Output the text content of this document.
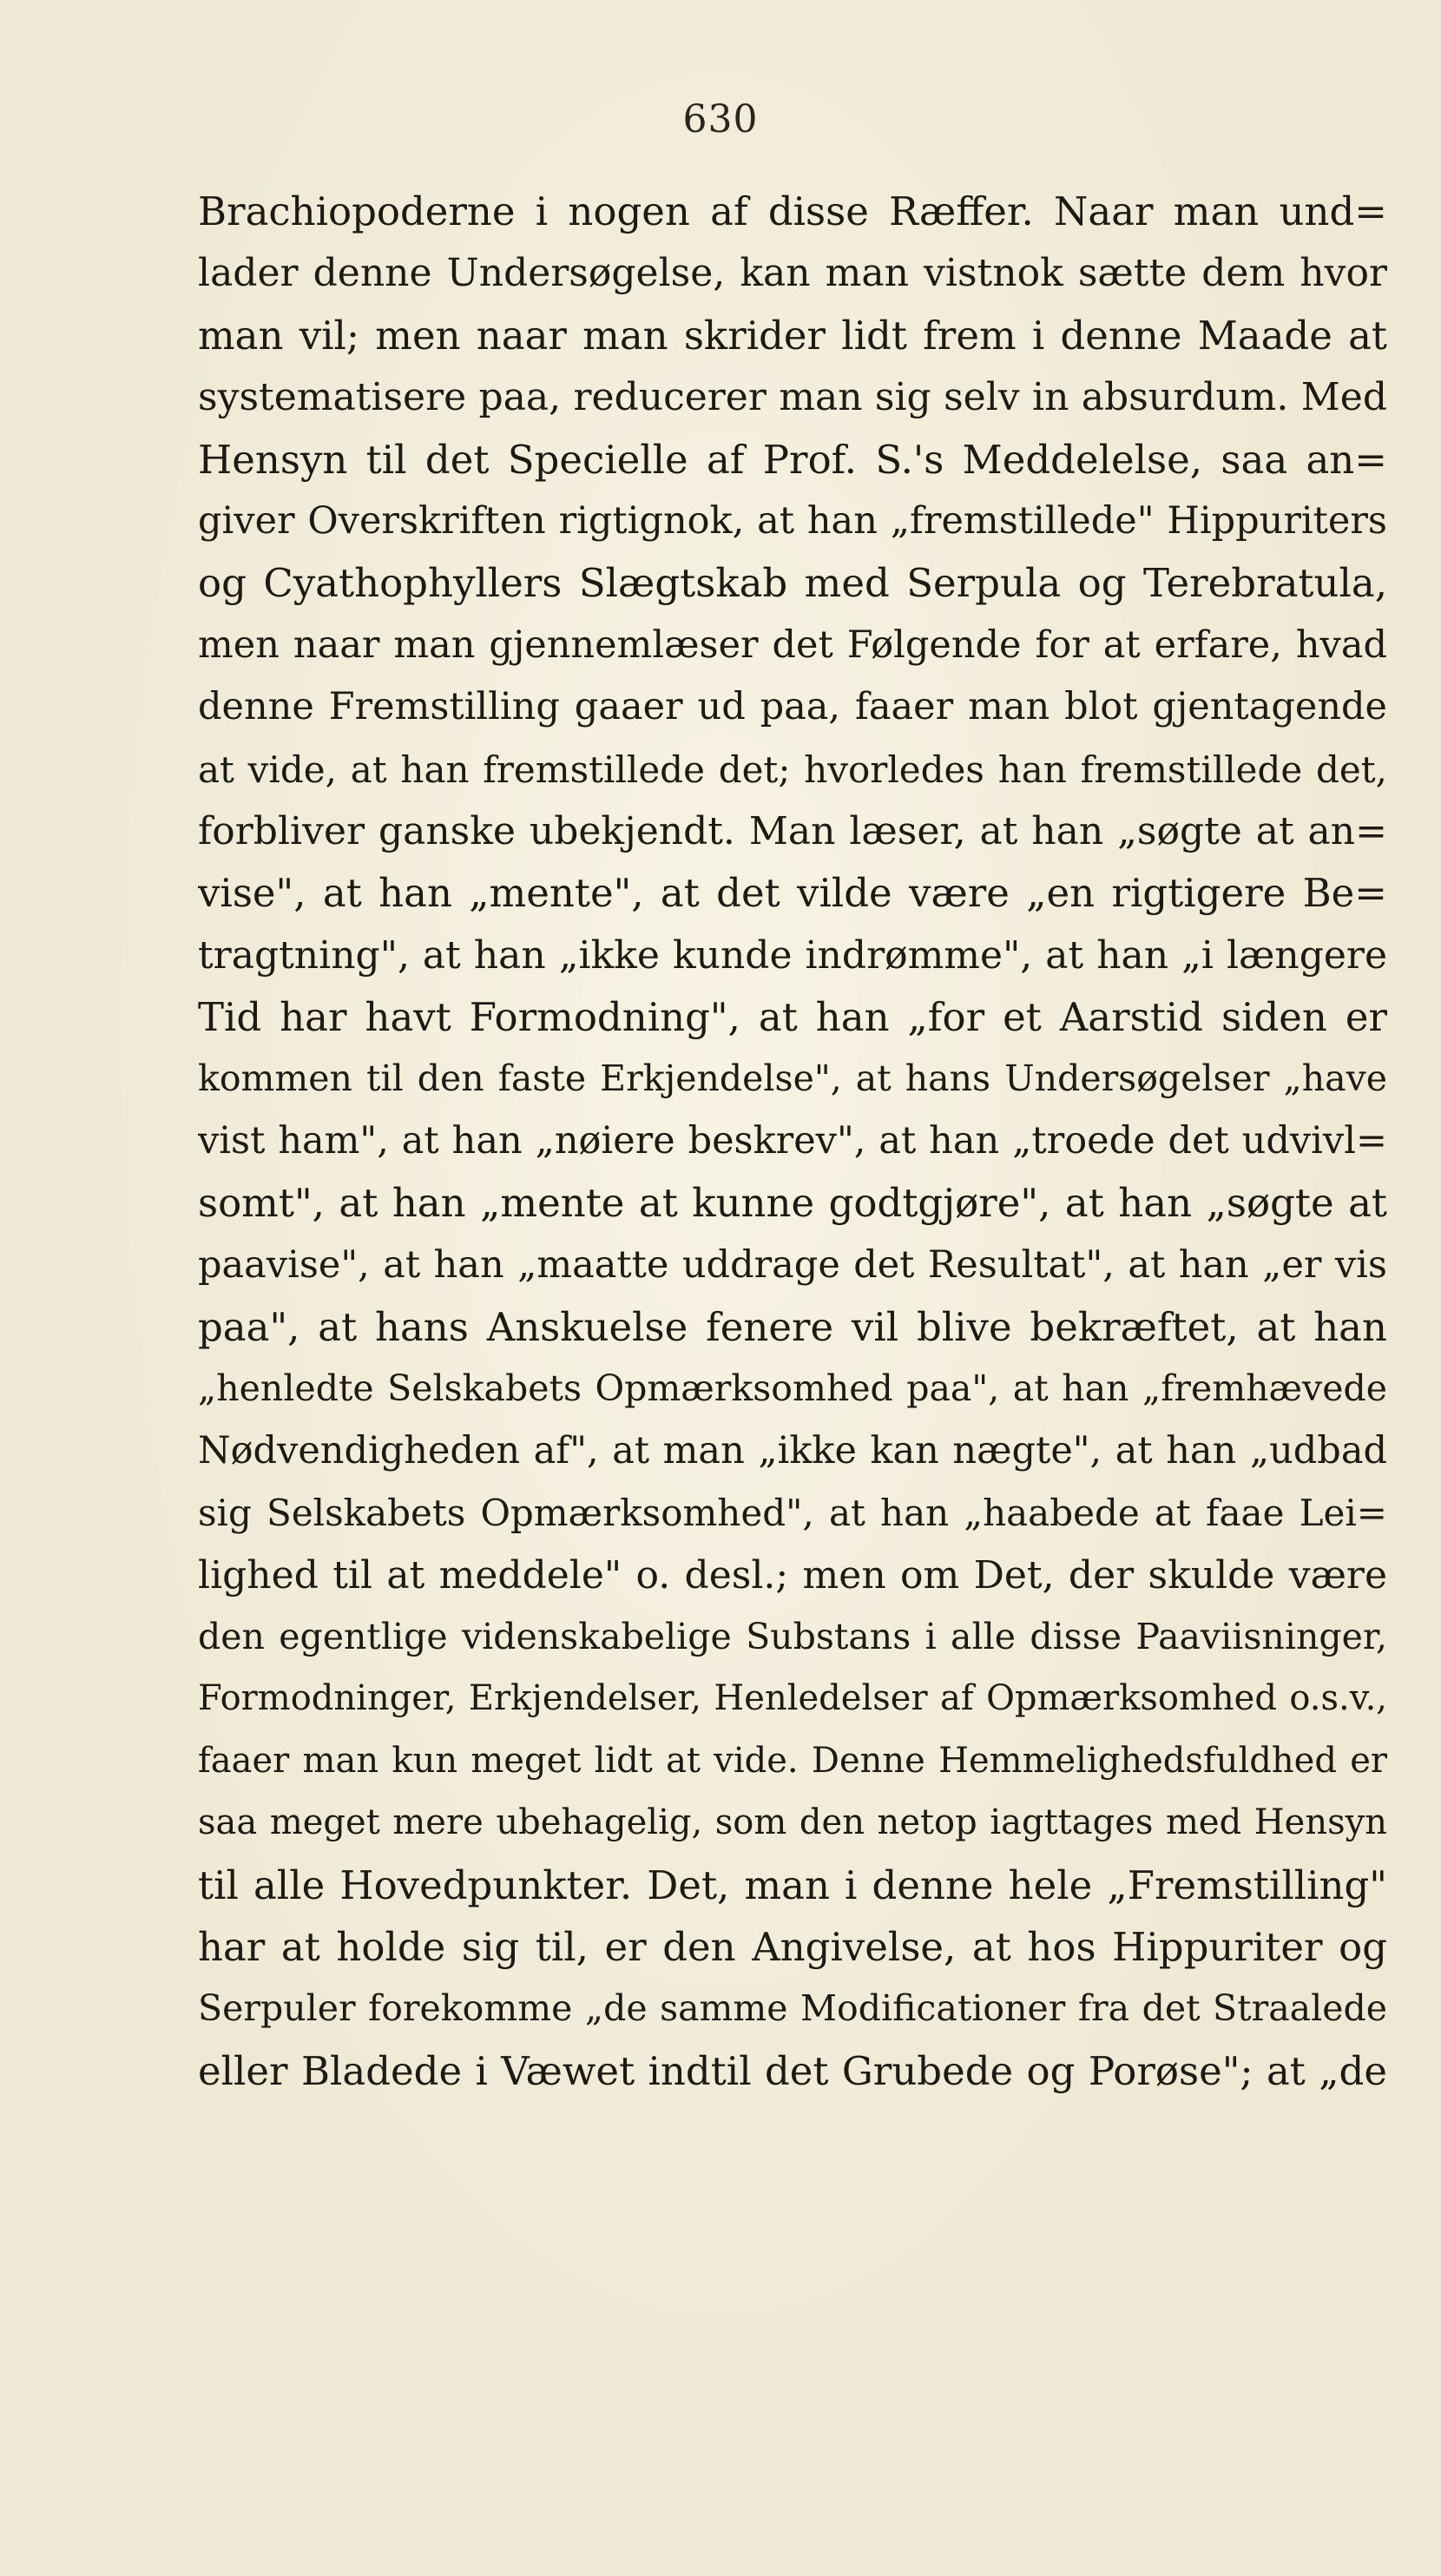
630
Brachiopoderne i nogen af disse Ræffer. Naar man und=
lader denne Undersøgelse, kan man vistnok sætte dem hvor
man vil; men naar man skrider lidt frem i denne Maade at
systematisere paa, reducerer man sig selv in absurdum. Med
Hensyn til det Specielle af Prof. S.'s Meddelelse, saa an=
giver Overskriften rigtignok, at han „fremstillede" Hippuriters
og Cyathophyllers Slægtskab med Serpula og Terebratula,
men naar man gjennemlæser det Følgende for at erfare, hvad
denne Fremstilling gaaer ud paa, faaer man blot gjentagende
at vide, at han fremstillede det; hvorledes han fremstillede det,
forbliver ganske ubekjendt. Man læser, at han „søgte at an=
vise", at han „mente", at det vilde være „en rigtigere Be=
tragtning", at han „ikke kunde indrømme", at han „i længere
Tid har havt Formodning", at han „for et Aarstid siden er
kommen til den faste Erkjendelse", at hans Undersøgelser „have
vist ham", at han „nøiere beskrev", at han „troede det udvivl=
somt", at han „mente at kunne godtgjøre", at han „søgte at
paavise", at han „maatte uddrage det Resultat", at han „er vis
paa", at hans Anskuelse fenere vil blive bekræftet, at han
„henledte Selskabets Opmærksomhed paa", at han „fremhævede
Nødvendigheden af", at man „ikke kan nægte", at han „udbad
sig Selskabets Opmærksomhed", at han „haabede at faae Lei=
lighed til at meddele" o. desl.; men om Det, der skulde være
den egentlige videnskabelige Substans i alle disse Paaviisninger,
Formodninger, Erkjendelser, Henledelser af Opmærksomhed o.s.v.,
faaer man kun meget lidt at vide. Denne Hemmelighedsfuldhed er
saa meget mere ubehagelig, som den netop iagttages med Hensyn
til alle Hovedpunkter. Det, man i denne hele „Fremstilling"
har at holde sig til, er den Angivelse, at hos Hippuriter og
Serpuler forekomme „de samme Modificationer fra det Straalede
eller Bladede i Væwet indtil det Grubede og Porøse"; at „de
